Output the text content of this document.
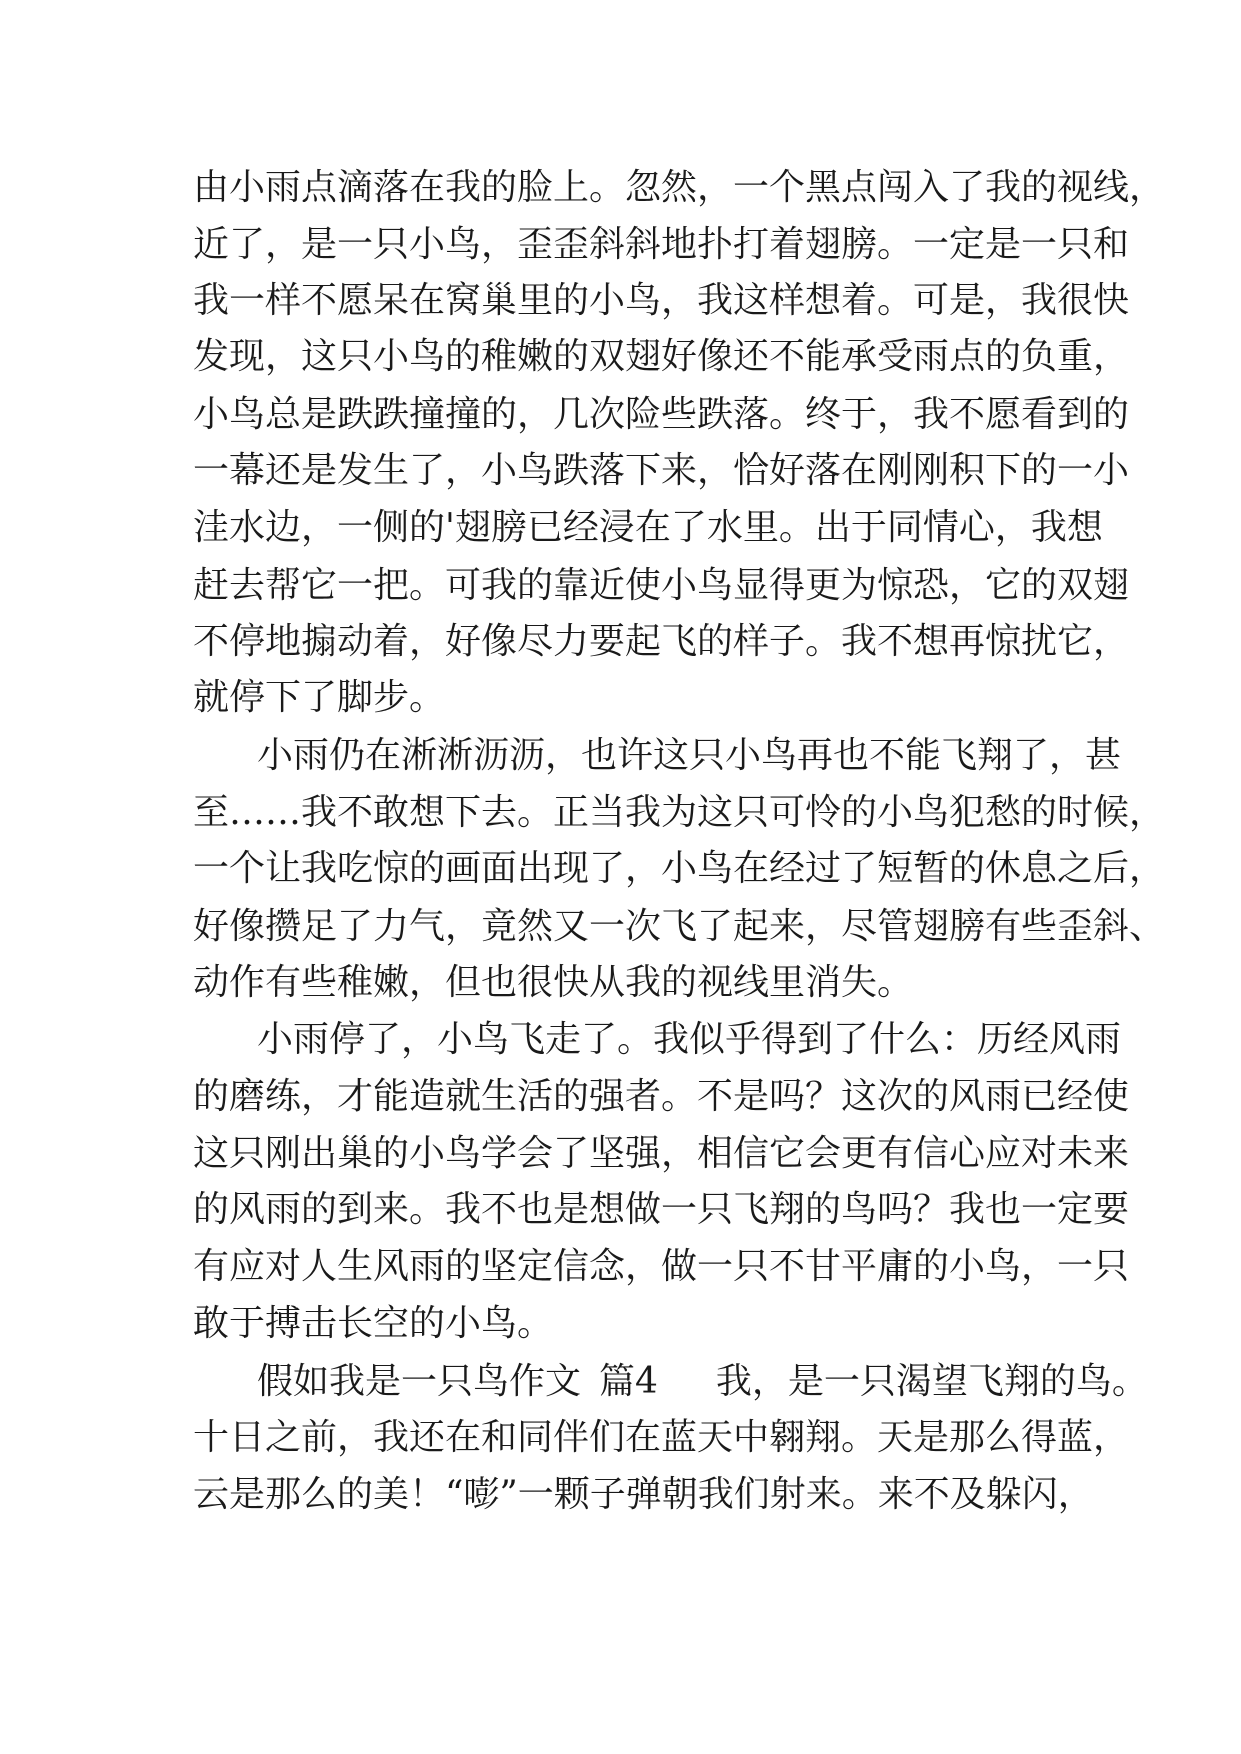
由小雨点滴落在我的脸上。忽然，一个黑点闯入了我的视线，
近了，是一只小鸟，歪歪斜斜地扑打着翅膀。一定是一只和
我一样不愿呆在窝巢里的小鸟，我这样想着。可是，我很快
发现，这只小鸟的稚嫩的双翅好像还不能承受雨点的负重，
小鸟总是跌跌撞撞的，几次险些跌落。终于，我不愿看到的
一幕还是发生了，小鸟跌落下来，恰好落在刚刚积下的一小
洼水边，一侧的'翅膀已经浸在了水里。出于同情心，我想
赶去帮它一把。可我的靠近使小鸟显得更为惊恐，它的双翅
不停地搧动着，好像尽力要起飞的样子。我不想再惊扰它，
就停下了脚步。
小雨仍在淅淅沥沥，也许这只小鸟再也不能飞翔了，甚
至……我不敢想下去。正当我为这只可怜的小鸟犯愁的时候，
一个让我吃惊的画面出现了，小鸟在经过了短暂的休息之后，
好像攒足了力气，竟然又一次飞了起来，尽管翅膀有些歪斜、
动作有些稚嫩，但也很快从我的视线里消失。
小雨停了，小鸟飞走了。我似乎得到了什么：历经风雨
的磨练，才能造就生活的强者。不是吗？这次的风雨已经使
这只刚出巢的小鸟学会了坚强，相信它会更有信心应对未来
的风雨的到来。我不也是想做一只飞翔的鸟吗？我也一定要
有应对人生风雨的坚定信念，做一只不甘平庸的小鸟，一只
敢于搏击长空的小鸟。
假如我是一只鸟作文 篇4 我，是一只渴望飞翔的鸟。
十日之前，我还在和同伴们在蓝天中翱翔。天是那么得蓝，
云是那么的美！“嘭”一颗子弹朝我们射来。来不及躲闪，
